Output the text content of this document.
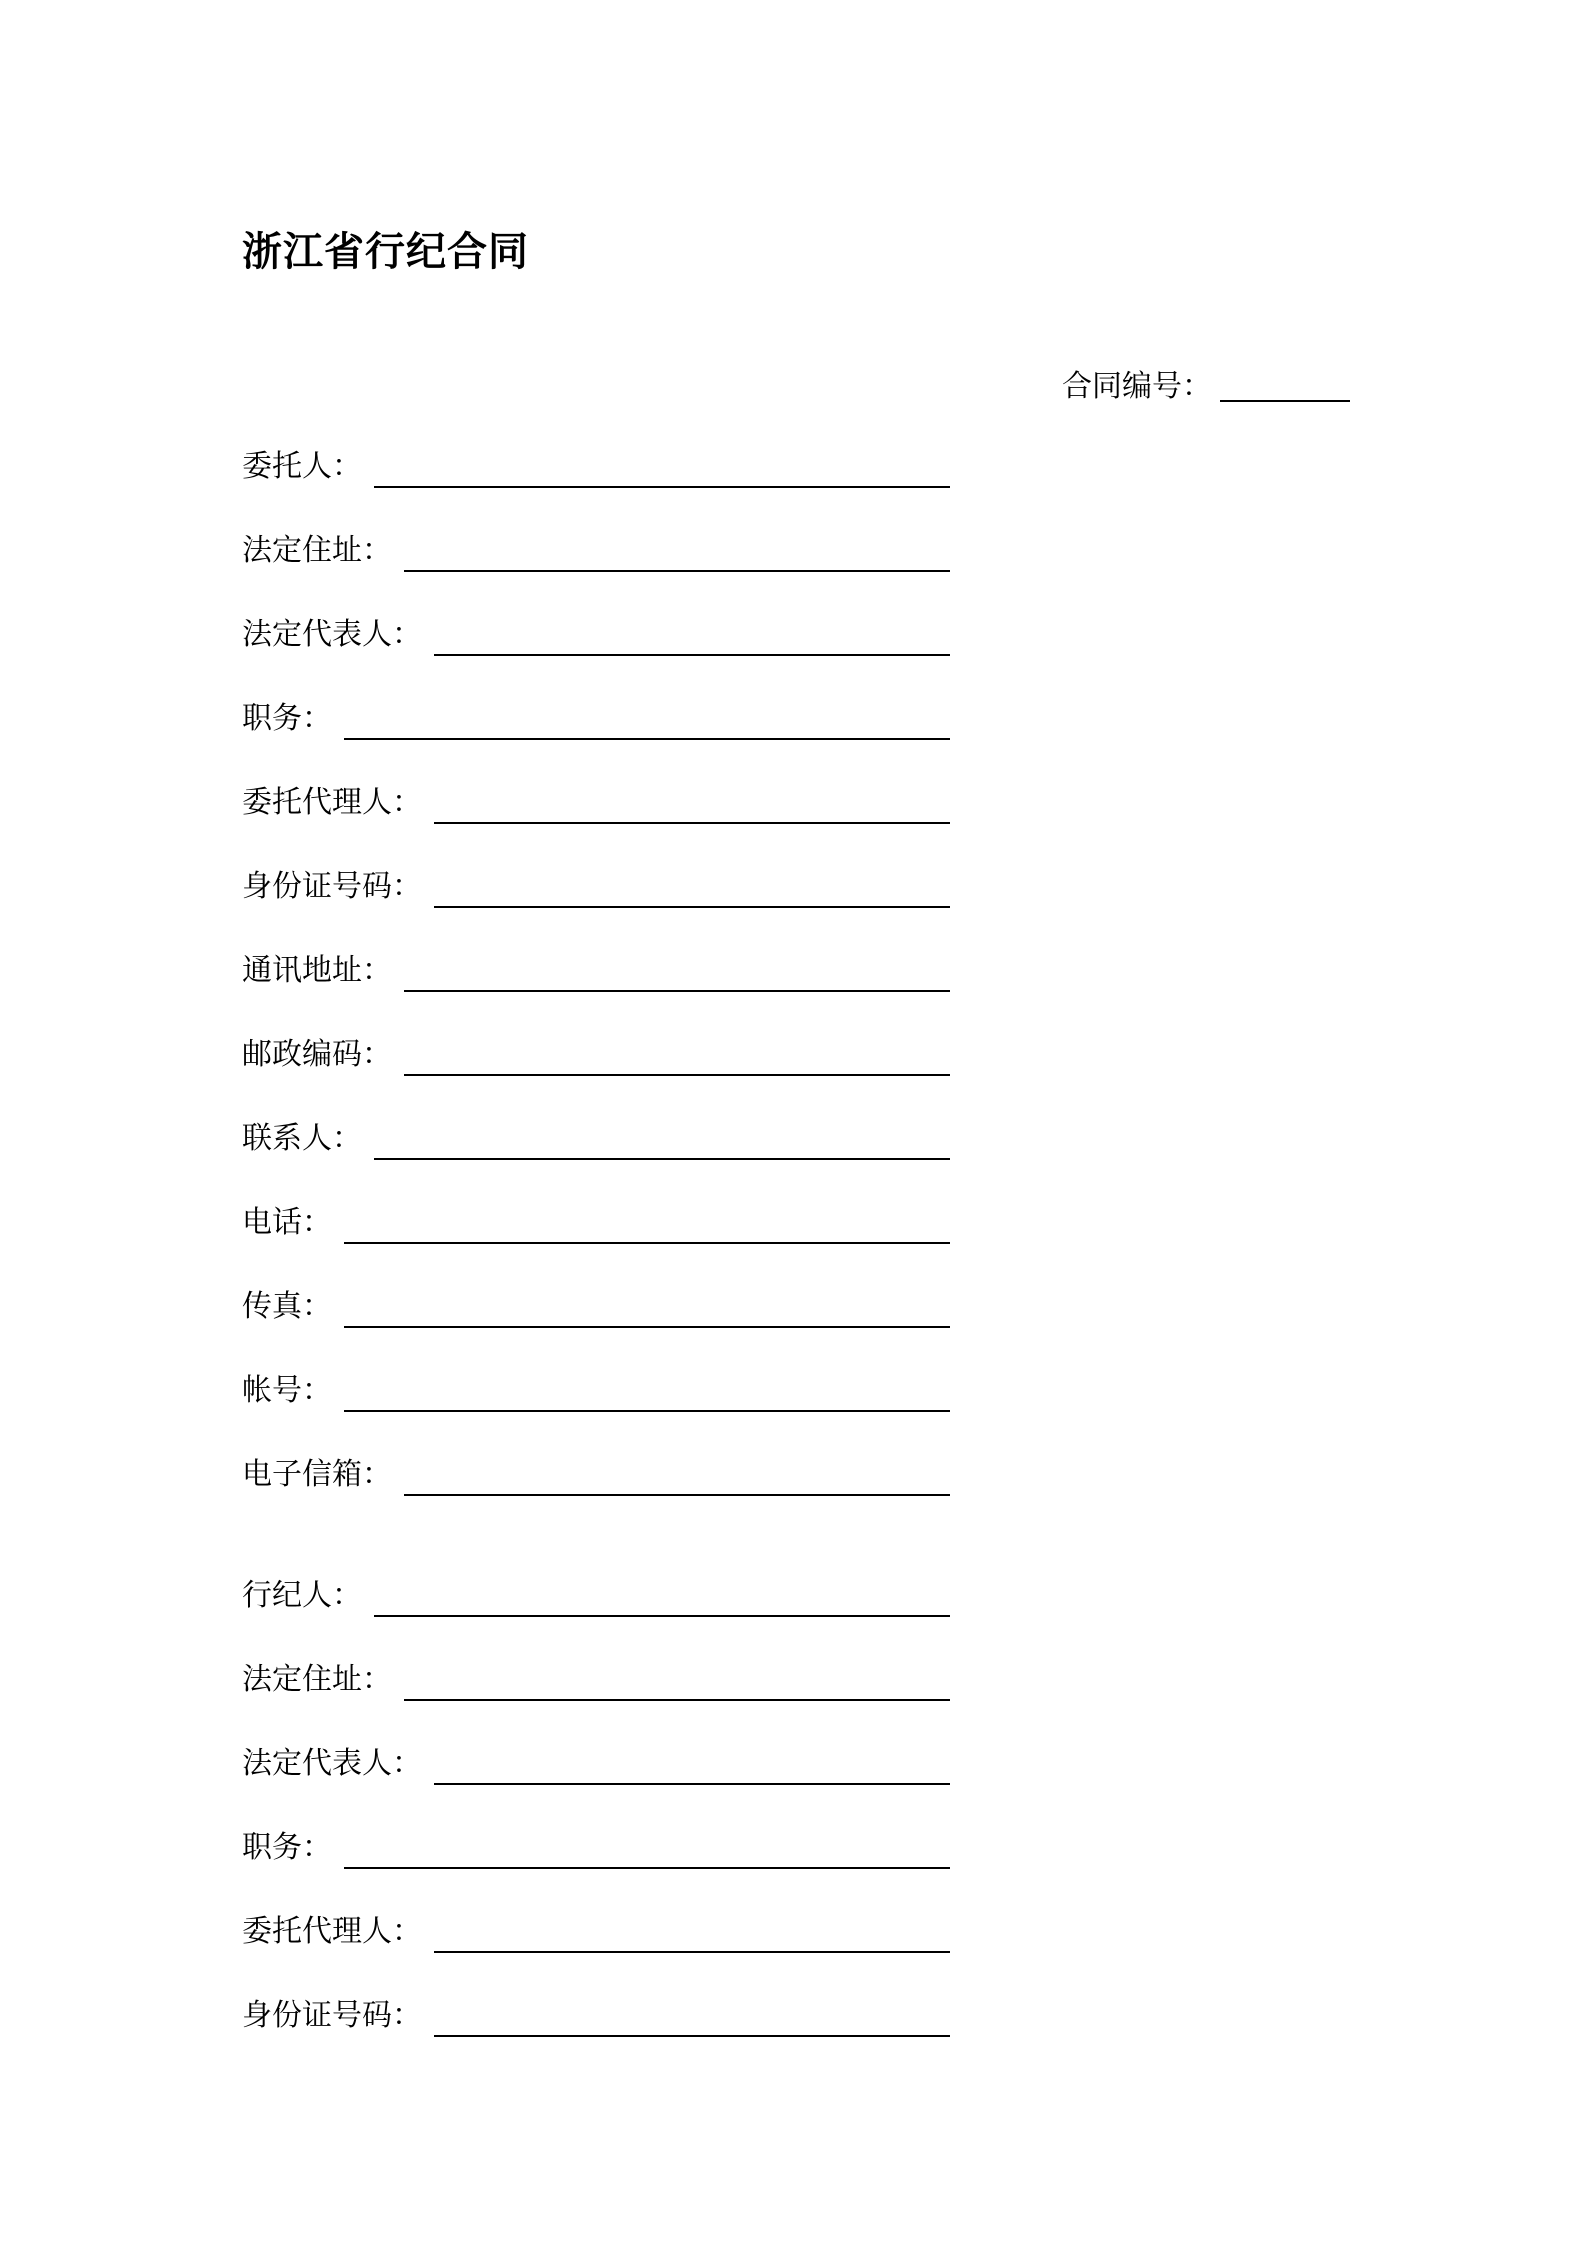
浙江省行纪合同
合同编号：
委托人：
法定住址：
法定代表人：
职务：
委托代理人：
身份证号码：
通讯地址：
邮政编码：
联系人：
电话：
传真：
帐号：
电子信箱：
行纪人：
法定住址：
法定代表人：
职务：
委托代理人：
身份证号码：
